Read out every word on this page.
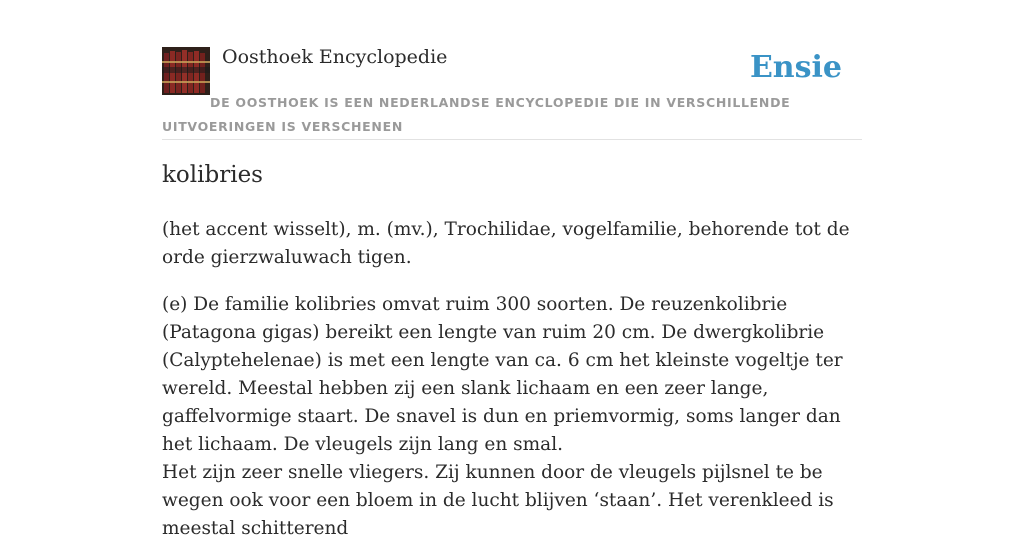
Oosthoek Encyclopedie	Ensie

DE OOSTHOEK IS EEN NEDERLANDSE ENCYCLOPEDIE DIE IN VERSCHILLENDE UITVOERINGEN IS VERSCHENEN

kolibries

(het accent wisselt), m. (mv.), Trochilidae, vogelfamilie, behorende tot de orde gierzwaluwach tigen.

(e) De familie kolibries omvat ruim 300 soorten. De reuzenkolibrie (Patagona gigas) bereikt een lengte van ruim 20 cm. De dwergkolibrie (Calyptehelenae) is met een lengte van ca. 6 cm het kleinste vogeltje ter wereld. Meestal hebben zij een slank lichaam en een zeer lange, gaffelvormige staart. De snavel is dun en priemvormig, soms langer dan het lichaam. De vleugels zijn lang en smal.

Het zijn zeer snelle vliegers. Zij kunnen door de vleugels pijlsnel te be wegen ook voor een bloem in de lucht blijven ‘staan’. Het verenkleed is meestal schitterend
